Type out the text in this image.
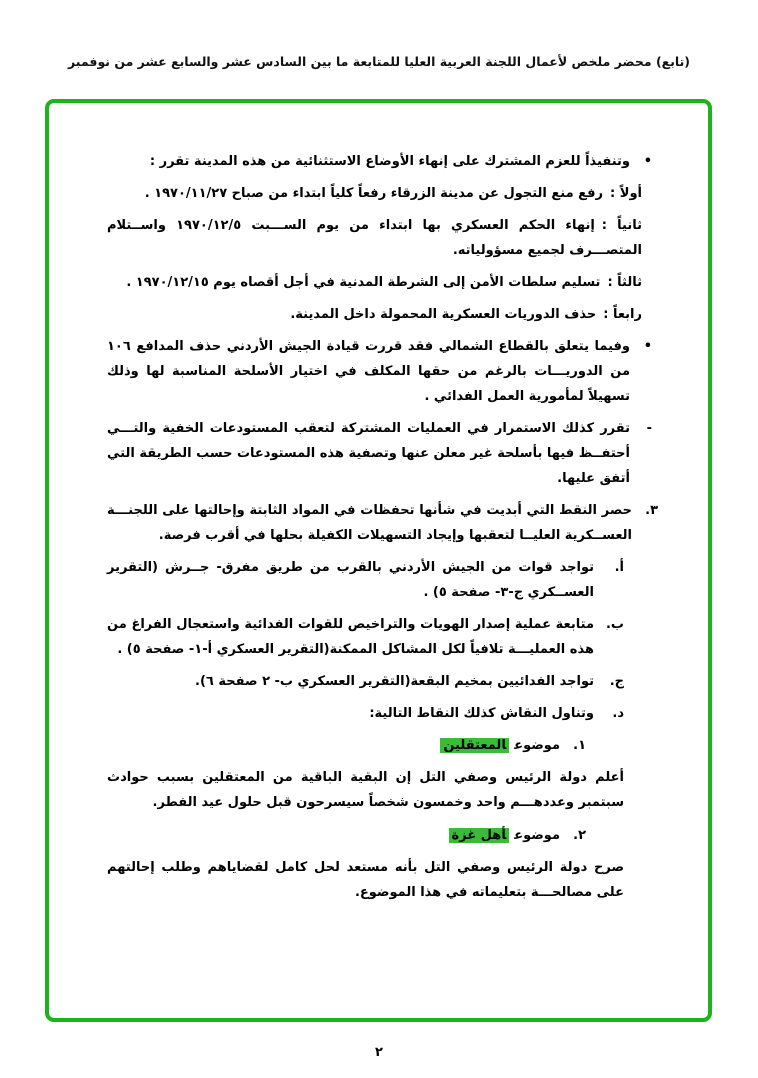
(تابع) محضر ملخص لأعمال اللجنة العربية العليا للمتابعة ما بين السادس عشر والسابع عشر من نوفمبر
•
وتنفيذاً للعزم المشترك على إنهاء الأوضاع الاستثنائية من هذه المدينة تقرر :
أولاً :رفع منع التجول عن مدينة الزرقاء رفعاً كلياً ابتداء من صباح ١٩٧٠/١١/٢٧ .
ثانياً :إنهاء الحكم العسكري بها ابتداء من يوم الســـبت ١٩٧٠/١٢/٥ واســتلام المتصـــرف لجميع مسؤولياته.
ثالثاً :تسليم سلطات الأمن إلى الشرطة المدنية في أجل أقصاه يوم ١٩٧٠/١٢/١٥ .
رابعاً :حذف الدوريات العسكرية المحمولة داخل المدينة.
•
وفيما يتعلق بالقطاع الشمالي فقد قررت قيادة الجيش الأردني حذف المدافع ١٠٦ من الدوريـــات بالرغم من حقها المكلف في اختيار الأسلحة المناسبة لها وذلك تسهيلاً لمأمورية العمل الفدائي .
-
تقرر كذلك الاستمرار في العمليات المشتركة لتعقب المستودعات الخفية والتـــي أحتفــظ فيها بأسلحة غير معلن عنها وتصفية هذه المستودعات حسب الطريقة التي أتفق عليها.
٣.
حصر النقط التي أبديت في شأنها تحفظات في المواد الثابتة وإحالتها على اللجنـــة العســكرية العليــا لتعقبها وإيجاد التسهيلات الكفيلة بحلها في أقرب فرصة.
أ.
تواجد قوات من الجيش الأردني بالقرب من طريق مفرق- جــرش (التقرير العســكري ج-٣- صفحة ٥) .
ب.
متابعة عملية إصدار الهويات والتراخيص للقوات الفدائية واستعجال الفراغ من هذه العمليـــة تلافياً لكل المشاكل الممكنة(التقرير العسكري أ-١- صفحة ٥) .
ج.
تواجد الفدائيين بمخيم البقعة(التقرير العسكري ب- ٢ صفحة ٦).
د.
وتناول النقاش كذلك النقاط التالية:
١.
موضوعالمعتقلين
أعلم دولة الرئيس وصفي التل إن البقية الباقية من المعتقلين بسبب حوادث سبتمبر وعددهـــم واحد وخمسون شخصاً سيسرحون قبل حلول عيد الفطر.
٢.
موضوعأهل غزة
صرح دولة الرئيس وصفي التل بأنه مستعد لحل كامل لقضاياهم وطلب إحالتهم على مصالحـــة بتعليماته في هذا الموضوع.
٢
